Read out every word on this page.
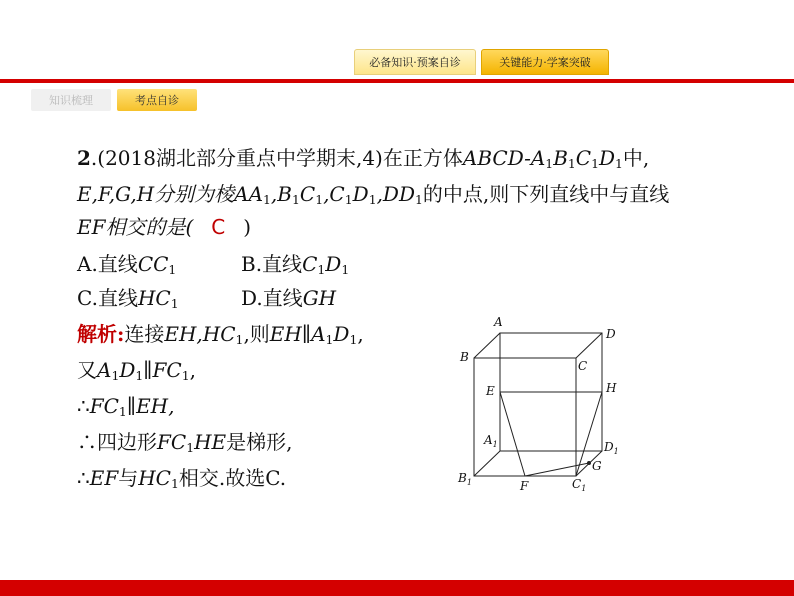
必备知识·预案自诊	关键能力·学案突破
知识梳理	考点自诊
2.(2018湖北部分重点中学期末,4)在正方体ABCD-$A_1B_1C_1D_1$中,
E,F,G,H分别为棱$AA_1,B_1C_1,C_1D_1,DD_1$的中点,则下列直线中与直线
EF相交的是( C )
A.直线$CC_1$	B.直线$C_1D_1$
C.直线$HC_1$	D.直线GH
解析:连接$EH,HC_1$,则$EH\parallel A_1D_1$,
又$A_1D_1\parallel FC_1$,
$\therefore FC_1\parallel EH$,
∴四边形$FC_1HE$是梯形,
∴EF与$HC_1$相交.故选C.
A
D
B
C
E	H
$A_1$	$D_1$
G
$B_1$	F	$C_1$
